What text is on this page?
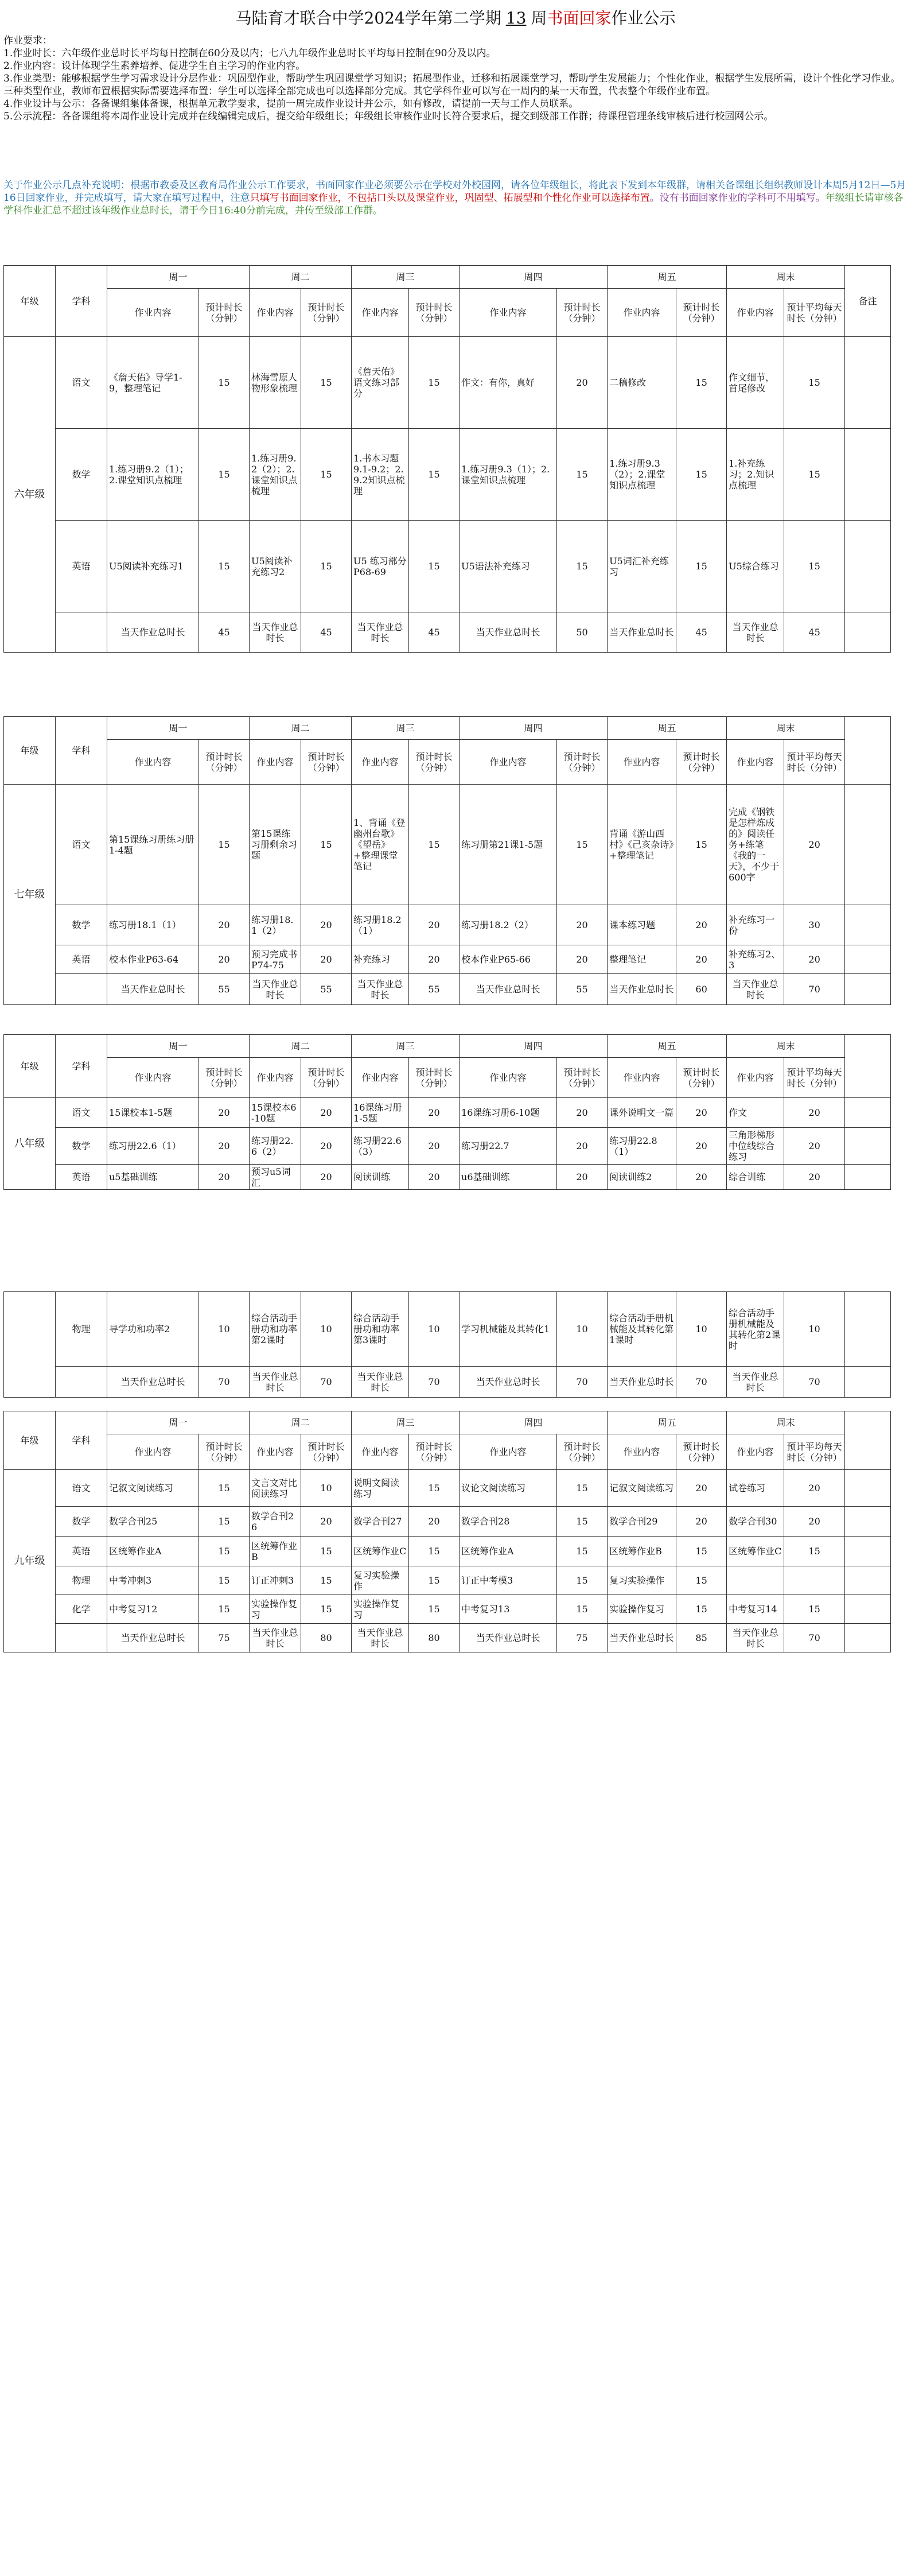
马陆育才联合中学2024学年第二学期 13 周书面回家作业公示
作业要求：
1.作业时长：六年级作业总时长平均每日控制在60分及以内；七八九年级作业总时长平均每日控制在90分及以内。
2.作业内容：设计体现学生素养培养、促进学生自主学习的作业内容。
3.作业类型：能够根据学生学习需求设计分层作业：巩固型作业，帮助学生巩固课堂学习知识；拓展型作业，迁移和拓展课堂学习，帮助学生发展能力；个性化作业，根据学生发展所需，设计个性化学习作业。三种类型作业，教师布置根据实际需要选择布置：学生可以选择全部完成也可以选择部分完成。其它学科作业可以写在一周内的某一天布置，代表整个年级作业布置。
4.作业设计与公示：各备课组集体备课，根据单元教学要求，提前一周完成作业设计并公示，如有修改，请提前一天与工作人员联系。
5.公示流程：各备课组将本周作业设计完成并在线编辑完成后，提交给年级组长；年级组长审核作业时长符合要求后，提交到级部工作群；待课程管理条线审核后进行校园网公示。
关于作业公示几点补充说明：根据市教委及区教育局作业公示工作要求，书面回家作业必须要公示在学校对外校园网，请各位年级组长，将此表下发到本年级群，请相关备课组长组织教师设计本周5月12日—5月16日回家作业，并完成填写，请大家在填写过程中，注意只填写书面回家作业，不包括口头以及课堂作业，巩固型、拓展型和个性化作业可以选择布置。没有书面回家作业的学科可不用填写。年级组长请审核各学科作业汇总不超过该年级作业总时长，请于今日16:40分前完成，并传至级部工作群。
年级	学科	周一		周二		周三		周四		周五		周末		备注
		作业内容	预计时长（分钟）	作业内容	预计时长（分钟）	作业内容	预计时长（分钟）	作业内容	预计时长（分钟）	作业内容	预计时长（分钟）	作业内容	预计平均每天时长（分钟）	
六年级	语文	《詹天佑》导学1-9，整理笔记	15	林海雪原人物形象梳理	15	《詹天佑》语文练习部分	15	作文：有你，真好	20	二稿修改	15	作文细节，首尾修改	15	
	数学	1.练习册9.2（1）；2.课堂知识点梳理	15	1.练习册9.2（2）；2.课堂知识点梳理	15	1.书本习题9.1-9.2；2.9.2知识点梳理	15	1.练习册9.3（1）；2.课堂知识点梳理	15	1.练习册9.3（2）；2.课堂知识点梳理	15	1.补充练习；2.知识点梳理	15	
	英语	U5阅读补充练习1	15	U5阅读补充练习2	15	U5 练习部分P68-69	15	U5语法补充练习	15	U5词汇补充练习	15	U5综合练习	15	
		当天作业总时长	45	当天作业总时长	45	当天作业总时长	45	当天作业总时长	50	当天作业总时长	45	当天作业总时长	45	
年级	学科	周一		周二		周三		周四		周五		周末		
		作业内容	预计时长（分钟）	作业内容	预计时长（分钟）	作业内容	预计时长（分钟）	作业内容	预计时长（分钟）	作业内容	预计时长（分钟）	作业内容	预计平均每天时长（分钟）	
七年级	语文	第15课练习册练习册1-4题	15	第15课练习册剩余习题	15	1、背诵《登幽州台歌》《望岳》+整理课堂笔记	15	练习册第21课1-5题	15	背诵《游山西村》《己亥杂诗》+整理笔记	15	完成《钢铁是怎样炼成的》阅读任务+练笔《我的一天》，不少于600字	20	
	数学	练习册18.1（1）	20	练习册18.1（2）	20	练习册18.2（1）	20	练习册18.2（2）	20	课本练习题	20	补充练习一份	30	
	英语	校本作业P63-64	20	预习完成书P74-75	20	补充练习	20	校本作业P65-66	20	整理笔记	20	补充练习2、3	20	
		当天作业总时长	55	当天作业总时长	55	当天作业总时长	55	当天作业总时长	55	当天作业总时长	60	当天作业总时长	70	
年级	学科	周一		周二		周三		周四		周五		周末		
		作业内容	预计时长（分钟）	作业内容	预计时长（分钟）	作业内容	预计时长（分钟）	作业内容	预计时长（分钟）	作业内容	预计时长（分钟）	作业内容	预计平均每天时长（分钟）	
八年级	语文	15课校本1-5题	20	15课校本6-10题	20	16课练习册1-5题	20	16课练习册6-10题	20	课外说明文一篇	20	作文	20	
	数学	练习册22.6（1）	20	练习册22.6（2）	20	练习册22.6（3）	20	练习册22.7	20	练习册22.8（1）	20	三角形梯形中位线综合练习	20	
	英语	u5基础训练	20	预习u5词汇	20	阅读训练	20	u6基础训练	20	阅读训练2	20	综合训练	20	
	物理	导学功和功率2	10	综合活动手册功和功率第2课时	10	综合活动手册功和功率第3课时	10	学习机械能及其转化1	10	综合活动手册机械能及其转化第1课时	10	综合活动手册机械能及其转化第2课时	10	
		当天作业总时长	70	当天作业总时长	70	当天作业总时长	70	当天作业总时长	70	当天作业总时长	70	当天作业总时长	70	
年级	学科	周一		周二		周三		周四		周五		周末		
		作业内容	预计时长（分钟）	作业内容	预计时长（分钟）	作业内容	预计时长（分钟）	作业内容	预计时长（分钟）	作业内容	预计时长（分钟）	作业内容	预计平均每天时长（分钟）	
九年级	语文	记叙文阅读练习	15	文言文对比阅读练习	10	说明文阅读练习	15	议论文阅读练习	15	记叙文阅读练习	20	试卷练习	20	
	数学	数学合刊25	15	数学合刊26	20	数学合刊27	20	数学合刊28	15	数学合刊29	20	数学合刊30	20	
	英语	区统筹作业A	15	区统筹作业B	15	区统筹作业C	15	区统筹作业A	15	区统筹作业B	15	区统筹作业C	15	
	物理	中考冲刺3	15	订正冲刺3	15	复习实验操作	15	订正中考模3	15	复习实验操作	15			
	化学	中考复习12	15	实验操作复习	15	实验操作复习	15	中考复习13	15	实验操作复习	15	中考复习14	15	
		当天作业总时长	75	当天作业总时长	80	当天作业总时长	80	当天作业总时长	75	当天作业总时长	85	当天作业总时长	70	
